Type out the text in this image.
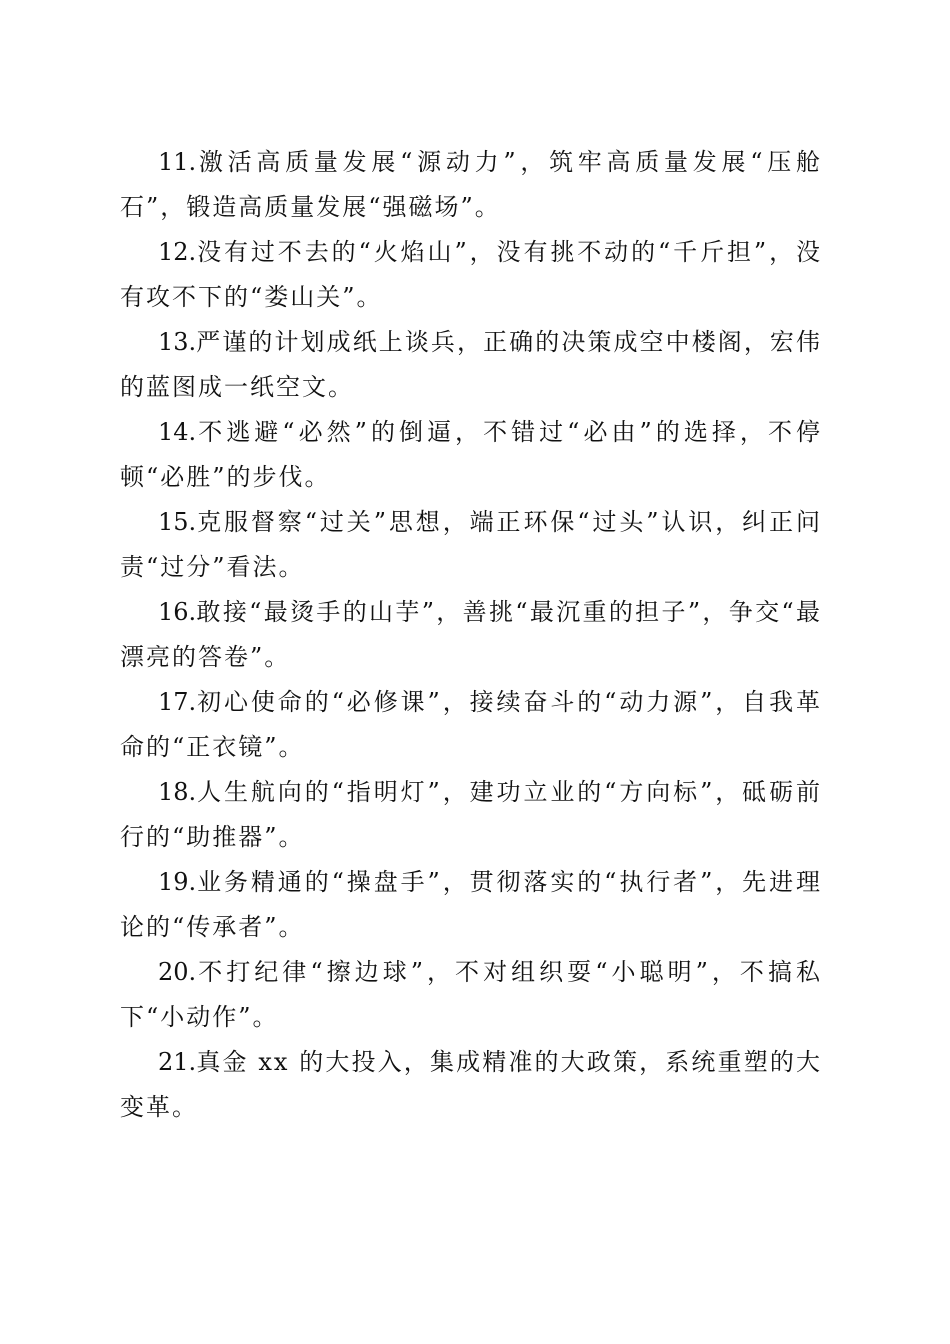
11.激活高质量发展“源动力”，筑牢高质量发展“压舱石”，锻造高质量发展“强磁场”。

12.没有过不去的“火焰山”，没有挑不动的“千斤担”，没有攻不下的“娄山关”。

13.严谨的计划成纸上谈兵，正确的决策成空中楼阁，宏伟的蓝图成一纸空文。

14.不逃避“必然”的倒逼，不错过“必由”的选择，不停顿“必胜”的步伐。

15.克服督察“过关”思想，端正环保“过头”认识，纠正问责“过分”看法。

16.敢接“最烫手的山芋”，善挑“最沉重的担子”，争交“最漂亮的答卷”。

17.初心使命的“必修课”，接续奋斗的“动力源”，自我革命的“正衣镜”。

18.人生航向的“指明灯”，建功立业的“方向标”，砥砺前行的“助推器”。

19.业务精通的“操盘手”，贯彻落实的“执行者”，先进理论的“传承者”。

20.不打纪律“擦边球”，不对组织耍“小聪明”，不搞私下“小动作”。

21.真金 xx 的大投入，集成精准的大政策，系统重塑的大变革。
